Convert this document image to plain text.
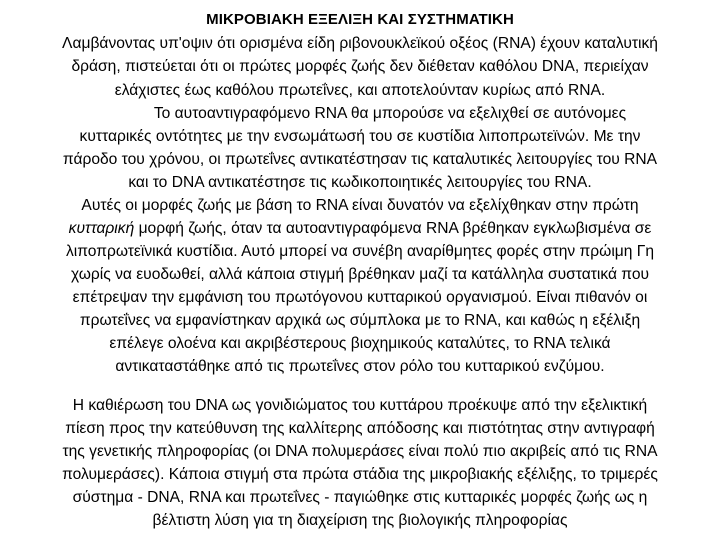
ΜΙΚΡΟΒΙΑΚΗ ΕΞΕΛΙΞΗ ΚΑΙ ΣΥΣΤΗΜΑΤΙΚΗ
Λαμβάνοντας υπ'οψιν ότι ορισμένα είδη ριβονουκλεϊκού οξέος (RNA) έχουν καταλυτική
δράση, πιστεύεται ότι οι πρώτες μορφές ζωής δεν διέθεταν καθόλου DNA, περιείχαν
ελάχιστες έως καθόλου πρωτεΐνες, και αποτελούνταν κυρίως από RNA.
Το αυτοαντιγραφόμενο RNA θα μπορούσε να εξελιχθεί σε αυτόνομες
κυτταρικές οντότητες με την ενσωμάτωσή του σε κυστίδια λιποπρωτεϊνών. Με την
πάροδο του χρόνου, οι πρωτεΐνες αντικατέστησαν τις καταλυτικές λειτουργίες του RNA
και το DNA αντικατέστησε τις κωδικοποιητικές λειτουργίες του RNA.
Αυτές οι μορφές ζωής με βάση το RNA είναι δυνατόν να εξελίχθηκαν στην πρώτη
κυτταρική μορφή ζωής, όταν τα αυτοαντιγραφόμενα RNA βρέθηκαν εγκλωβισμένα σε
λιποπρωτεϊνικά κυστίδια. Αυτό μπορεί να συνέβη αναρίθμητες φορές στην πρώιμη Γη
χωρίς να ευοδωθεί, αλλά κάποια στιγμή βρέθηκαν μαζί τα κατάλληλα συστατικά που
επέτρεψαν την εμφάνιση του πρωτόγονου κυτταρικού οργανισμού. Είναι πιθανόν οι
πρωτεΐνες να εμφανίστηκαν αρχικά ως σύμπλοκα με το RNA, και καθώς η εξέλιξη
επέλεγε ολοένα και ακριβέστερους βιοχημικούς καταλύτες, το RNA τελικά
αντικαταστάθηκε από τις πρωτεΐνες στον ρόλο του κυτταρικού ενζύμου.
Η καθιέρωση του DNA ως γονιδιώματος του κυττάρου προέκυψε από την εξελικτική
πίεση προς την κατεύθυνση της καλλίτερης απόδοσης και πιστότητας στην αντιγραφή
της γενετικής πληροφορίας (οι DNA πολυμεράσες είναι πολύ πιο ακριβείς από τις RNA
πολυμεράσες). Κάποια στιγμή στα πρώτα στάδια της μικροβιακής εξέλιξης, το τριμερές
σύστημα - DNA, RNA και πρωτεΐνες - παγιώθηκε στις κυτταρικές μορφές ζωής ως η
βέλτιστη λύση για τη διαχείριση της βιολογικής πληροφορίας
